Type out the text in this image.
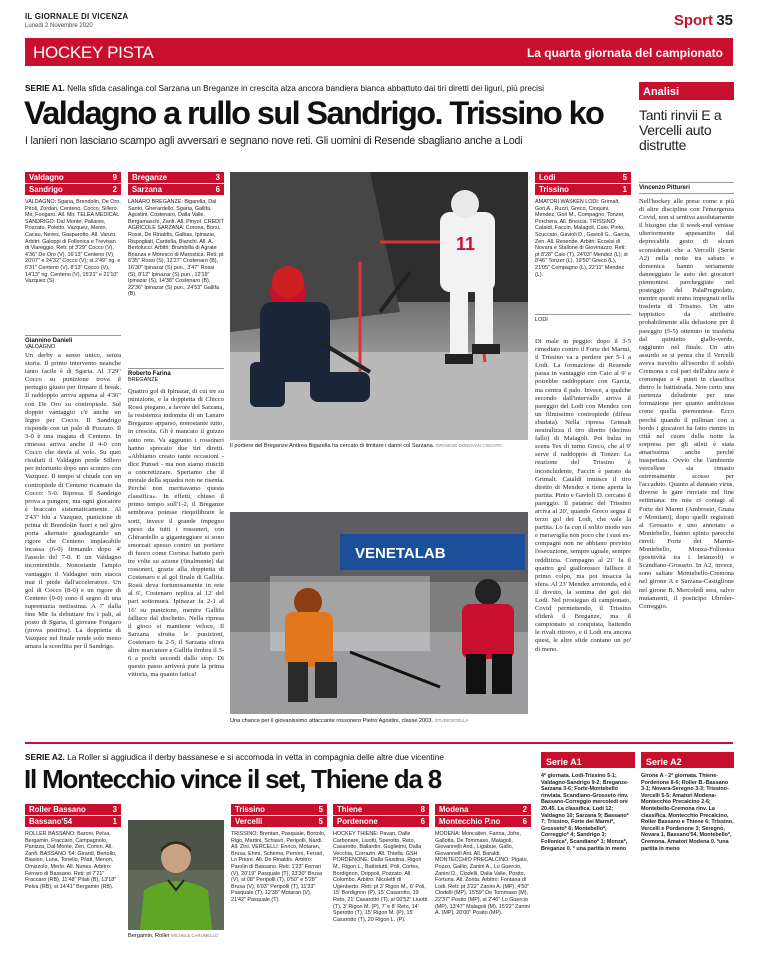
IL GIORNALE DI VICENZA
Lunedì 2 Novembre 2020	Sport 35
HOCKEY PISTA	La quarta giornata del campionato
SERIE A1. Nella sfida casalinga col Sarzana un Breganze in crescita alza ancora bandiera bianca abbattuto dai tiri diretti dei liguri, più precisi
Valdagno a rullo sul Sandrigo. Trissino ko
I lanieri non lasciano scampo agli avversari e segnano nove reti. Gli uomini di Resende sbagliano anche a Lodi
Valdagno	9
Sandrigo	2
VALDAGNO: Sgaria, Brendolin, De Oro, Piroli, Zordan, Centeno, Cocco, Sillero. Mir, Fongaro. All. Mir. TELEA MEDICAL SANDRIGO: Dal Monte, Pallares, Pozzato, Poletto, Vazquez, Menin, Cacau, Neves, Gasparotto. All. Vanzo. Arbitri: Galoppi di Follonica e Trevisan di Viareggio. Reti: pt 3'29" Cocco (V), 4'36" De Oro (V), 16'13" Centeno (V), 20'07" e 24'32" Cocco (V); st 2'49" rig. e 6'31" Centeno (V), 8'13" Cocco (V), 14'13" rig. Centeno (V), 15'21" e 21'10" Vazquez (S)
Breganze	3
Sarzana	6
LANARO BREGANZE: Bigarella, Dal Santo, Gherardello, Sgaria, Gallifa, Agostini, Costenaro, Dalla Valle, Bergamaschi, Zanfi. All. Pinyol. CREDIT AGRICOLE SARZANA: Corona, Borsi, Rossi, De Rinaldis, Galbas, Ipinazar, Rispogliati, Cardella, Bianchi. All. A. Bertolucci. Arbitri: Brambilla di Agrate Brianza e Moresco di Marostica. Reti: pt 6'35" Rossi (S), 12'27" Costenaro (B), 16'30" Ipinazar (S) pun., 3'47" Rossi (S), 8'12" Ipinazar (S) pun., 12'19" Ipinazar (S), 14'38" Costenaro (B), 22'36" Ipinazar (S) pun., 24'53" Gallifa (B).
Lodi	5
Trissino	1
AMATORI WASKEN LODI: Grimalt, Gori A., Ruzzi, Greco, Cinquini, Mendez, Gori M., Compagno, Tonzer, Porchera. All. Brescia. TRISSINO: Cataldi, Faccin, Malagoli, Caio, Pinto, Scuccato, Gavioli D., Gavioli G., Garcia, Zen. All. Resende. Arbitri: Eccelsi di Novara e Stallone di Giovinazzo. Reti: pt 8'28" Caio (T), 24'03" Mendez (L); st 8'46" Tonzer (L), 19'50" Greco (L), 21'05" Compagno (L), 22'11" Mendez (L).
Giannino Danieli
VALDAGNO
Roberto Farina
BREGANZE
LODI
Un derby a senso unico, senza storia. Il primo intervento neanche tanto facile è di Sgaria. Al 3'29" Cocco su punizione trova il pertugio giusto per firmare il break. Il raddoppio arriva appena al 4'36" con De Oro su contropiede. Sul doppio vantaggio c'è anche un legno per Cocco. Il Sandrigo risponde con un palo di Pozzato. Il 3-0 è una magata di Centeno. In rimessa arriva anche il 4-0 con Cocco che devia al volo. Su quei risultati il Valdagno perde Sillero per infortunio dopo uno scontro con Vazquez. Il tempo si chiude con un contropiede di Centeno ricamato da Cocco: 5-0. Ripresa. Il Sandrigo prova a pungere, ma ogni giocatore è braccato sistematicamente. Al 2'43" blu a Vazquez, punizione di prima di Brendolin fuori e nel giro porta alternato guadagnando un rigore che Centeno implacabile incassa (6-0) firmando dopo 4' l'assolo del 7-0. E un Valdagno incontenibile. Nonostante l'ampio vantaggio il Valdagno non stacca mai il piede dall'acceleratore. Un gol di Cocco (8-0) e un rigore di Centeno (9-0) sono il segno di una supremazia nettissima. A 7' dalla fine Mir fa debuttare fra i pali, al posto di Sgaria, il giovane Fongaro (prova positiva). La doppietta di Vazquez nel finale rende solo meno amara la sconfitta per il Sandrigo.
Quattro gol di Ipinazar, di cui tre su punizione, e la doppietta di Chicco Rossi piegano, a favore del Sarzana, la resistenza indomita di un Lanaro Breganze apparso, nonostante tutto, in crescita. Gli è mancato il guizzo sotto rete. Va aggiunto i rossoneri hanno sprecato due tiri diretti. «Abbiamo creato tante occasioni - dice Punset - ma non siamo riusciti a concretizzare. Speriamo che il morale della squadra non ne risenta. Perché non meritavamo questa classifica». In effetti, chiuso il primo tempo sull'1-2, il Breganze sembrava potesse riequilibrare le sorti, invece il grande impegno speso da tutti i rossoneri, con Ghirardello a giganteggiare si sono smorzati spesso contro un portiere di fuoco come Corona: battuto però tre volte su azione (finalmente) dai rossoneri, grazie alla doppietta di Costenaro e al gol finale di Gallifa. Rossi deva fortunosamente in rete al 6', Costenaro replica al 12' del pari sottomura. Ipinazar fa 2-1 al 16' su punizione, mentre Gallifa fallisce dal dischetto. Nella ripresa il gioco si mantiene veloce, Il Sarzana sfrutta le punizioni, Costenaro fa 2-5, il Sarzana sfiora altre marcature e Gallifa timbra il 3-6 a pochi secondi dallo stop. Di questo passo arriverà pure la prima vittoria, ma quanto fatica!
Di male in peggio: dopo il 3-5 rimediato contro il Forte dei Marmi, il Trissino va a perdere per 5-1 a Lodi. La formazione di Resende passa in vantaggio con Caio al 9' e potrebbe raddoppiare con Garcia, ma centra il palo. Invece, a qualche secondo dall'intervallo arriva il pareggio del Lodi con Mendez con un filmissimo contropiede (difesa sbadata). Nella ripresa Grimalt neutralizza il tiro diretto (decimo fallo) di Malagoli. Poi balza in scena Tex di turno Greco, che al 9' serve il raddoppio di Tonzer. La reazione del Trissino è inconcludente, Faccin è parato da Grimalt. Cataldi intuisce il tiro diretto di Mendez e tiene aperta la partita. Pinto e Gavioli D. cercano il pareggio. Il patatrac del Trissino arriva al 20', quando Greco segna il terzo gol dei Lodi, che vale la partita. Lo fa con il solito modo suo e meraviglia non poco che i suoi ex-compagni non ne abbiano previsto l'esecuzione, sempre uguale, sempre redditizia. Compagno al 21' fa il quattro gol giallorosso: fallisce il primo colpo, ma poi insacca la sfera. Al 23' Mendez arrotonda, ed è il dovuto, la somma dei gol del Lodi. Nel prosieguo di campionato, Covid permettendo, il Trissino sfiderà il Breganze, ma il campionato si conquista, battendo le rivali ritrovo, e il Lodi era ancora quest, le altre sfide contano un po' di meno.
11
Il portiere del Breganze Andrea Bigarella ha cercato di limitare i danni col Sarzana. GRAVESE DONOVAN CISCATO
VENETALAB
Una chance per il giovanissimo attaccante rossonero Pietro Agostini, classe 2003. STUDIOSTELLA
Analisi
Tanti rinvii E a Vercelli auto distrutte
Vincenzo Pittureri
Nell'hockey alle prese come e più di altre discipline con l'emergenza Covid, non si sentiva assolutamente il bisogno che il week-end venisse ulteriormente appesantito dal deprecabile gesto di alcuni sconsiderati che a Vercelli (Serie A2) nella notte tra sabato e domenica hanno seriamente danneggiato le auto dei giocatori piemontesi parcheggiate nel posteggio del PalaPregnolato, mentre questi erano impegnati nella trasferta di Trissino. Un atto teppistico da attribuire probabilmente alla delusione per il pareggio (5-5) ottenuto in trasferta dal quintetto giallo-verde, raggiunto nel finale. Un atto assurdo se si pensa che il Vercelli aveva travolto all'esordio il solido Cremona e col pari dell'altra sera è comunque a 4 punti in classifica dietro le battistrada. Non certo una partenza deludente per una formazione per quanto ambiziosa come quella piemontese. Ecco perché quando il pullman con a bordo i giocatori ha fatto rientro in città nel cuore della notte la sorpresa per gli atleti è stata amarissima anche perché inaspettata. Ovvio che l'ambiente vercellese sia rimasto estremamente scosso per l'accaduto. Quanto al dannato virus, diverse le gare rinviate nel fine settimana: tre mie ci contagi al Forte dei Marmi (Ambrosio, Gnata e Montiani), dopo quelli registrati al Grosseto e uno annotato a Montebello, hanno spinto parecchi rinvii: Forte dei Marmi-Montebello, Monza-Follonica (positività tra i brianzoli) e Scandiano-Grosseto. In A2, invece, sono saltate Montebello-Cremona nel girone A e Sarzana-Castiglione nel girone B. Mercoledì sera, salvo mutamenti, il posticipo Ubroler-Correggio.
SERIE A2. La Roller si aggiudica il derby bassanese e si accomoda in vetta in compagnia delle altre due vicentine
Il Montecchio vince il set, Thiene da 8
Bergamin, Roller MICHELE CARUMELLO
Roller Bassano	3
Bassano'54	1
ROLLER BASSANO: Baroni, Pelva, Bergamin, Fraccaro, Campagnolo, Panizza, Dal Monte, Zen, Comin. All. Zanfi. BASSANO '54: Girardi, Bertollo, Biasion, Luna, Tonello, Pilati, Menon, Omizzolo, Merlo. All. Nunes. Arbitro: Ferraro di Bassano. Reti: pt 7'21" Fraccaro (RB), 11'48" Pilati (B), 13'18" Pelva (RB); st 14'41" Bergamin (RB).
Trissino	5
Vercelli	5
TRISSINO: Brentan, Pasquale, Bortolo, Rigo, Martini, Schiavo, Peripolli, Nardi. All. Zini. VERCELLI: Enrico, Motaran, Brusa, Ehmi, Schema, Perroni, Ferrari, Lo Priore. All. De Rinaldis. Arbitro: Parolin di Bassano. Reti: 1'23" Ferrari (V), 20'19" Pasquale (T), 23'30" Brusa (V), st 08" Peripolli (T), 0'50" e 5'28" Brusa (V), 6'03" Peripolli (T), 11'33" Pasquale (T), 12'38" Motaran (V), 21'42" Pasquale (T).
Thiene	8
Pordenone	6
HOCKEY THIENE: Pavan, Dalle Carbonare, Liuotti, Sperotto, Reto, Casarotto, Ballardin, Guglielmi, Dalla Vecchia, Corrazin. All. Thiella. GSH PORDENONE: Dalla Giustina, Rigon M., Rigon L., Battistutti, Poli, Cortes, Bordignon, Orippoli, Pozzato. All. Colombo. Arbitro: Nicoletti di Ugenberto. Reti: pt 3' Rigon M., 6' Poli, 15' Bordignon (P), 15' Casarotto, 19 Reto, 21' Casarotto (T), st 00'52" Liuotti (T), 3' Rigon M. (P), 7' e 8' Reto, 14' Sperotto (T), 15' Rigon M. (P), 15' Casarotto (T), 20 Rigon L. (P).
Modena	2
Montecchio P.no	6
MODENA: Moncalieri, Farina, Jofre, Gallotta, De Tommaso, Malagoli, Giovannelli And., Ligabue, Gallo, Giovannelli Ant. All. Baraldi. MONTECCHIO PRECALCINO: Pigato, Pozzo, Gallio, Zanini A., Lo Guercio, Zanini D., Clodelli, Dalla Valle, Posito, Fortuna. All. Zonta. Arbitro: Fontana di Lodi. Reti: pt 3'22" Zanini A. (MP), 4'50" Clodelli (MP), 15'59" De Tommaso (M), 22'37" Posito (MP), st 2'46" Lo Guercio (MP), 13'47" Malagoli (M), 15'22" Zanini A. (MP), 20'00" Posito (MP).
Serie A1
4ª giornata. Lodi-Trissino 5-1; Valdagno-Sandrigo 9-2; Breganze-Sarzana 3-6; Forte-Montebello rinviata. Scandiano-Grosseto rinv. Bassano-Correggio mercoledì ore 20.45. La classifica. Lodi 12; Valdagno 10; Sarzana 9; Bassano* 7; Trissino, Forte dei Marmi*, Grosseto* 6; Montebello*, Correggio* 4; Sandrigo 3; Follonica*, Scandiano* 1; Monza*, Breganze 0. * una partita in meno
Serie A2
Girone A - 2ª giornata. Thiene-Pordenone 8-6; Roller B.-Bassano 3-1; Novara-Seregno 3-3; Trissino-Vercelli 5-5; Amatori Modena-Montecchio Precalcino 2-6; Montebello-Cremona rinv. La classifica. Montecchio Precalcino, Roller Bassano e Thiene 6; Trissino, Vercelli e Pordenone 3; Seregno, Novara 1, Bassano'54, Montebello*, Cremona, Amatori Modena 0. *una partita in meno
